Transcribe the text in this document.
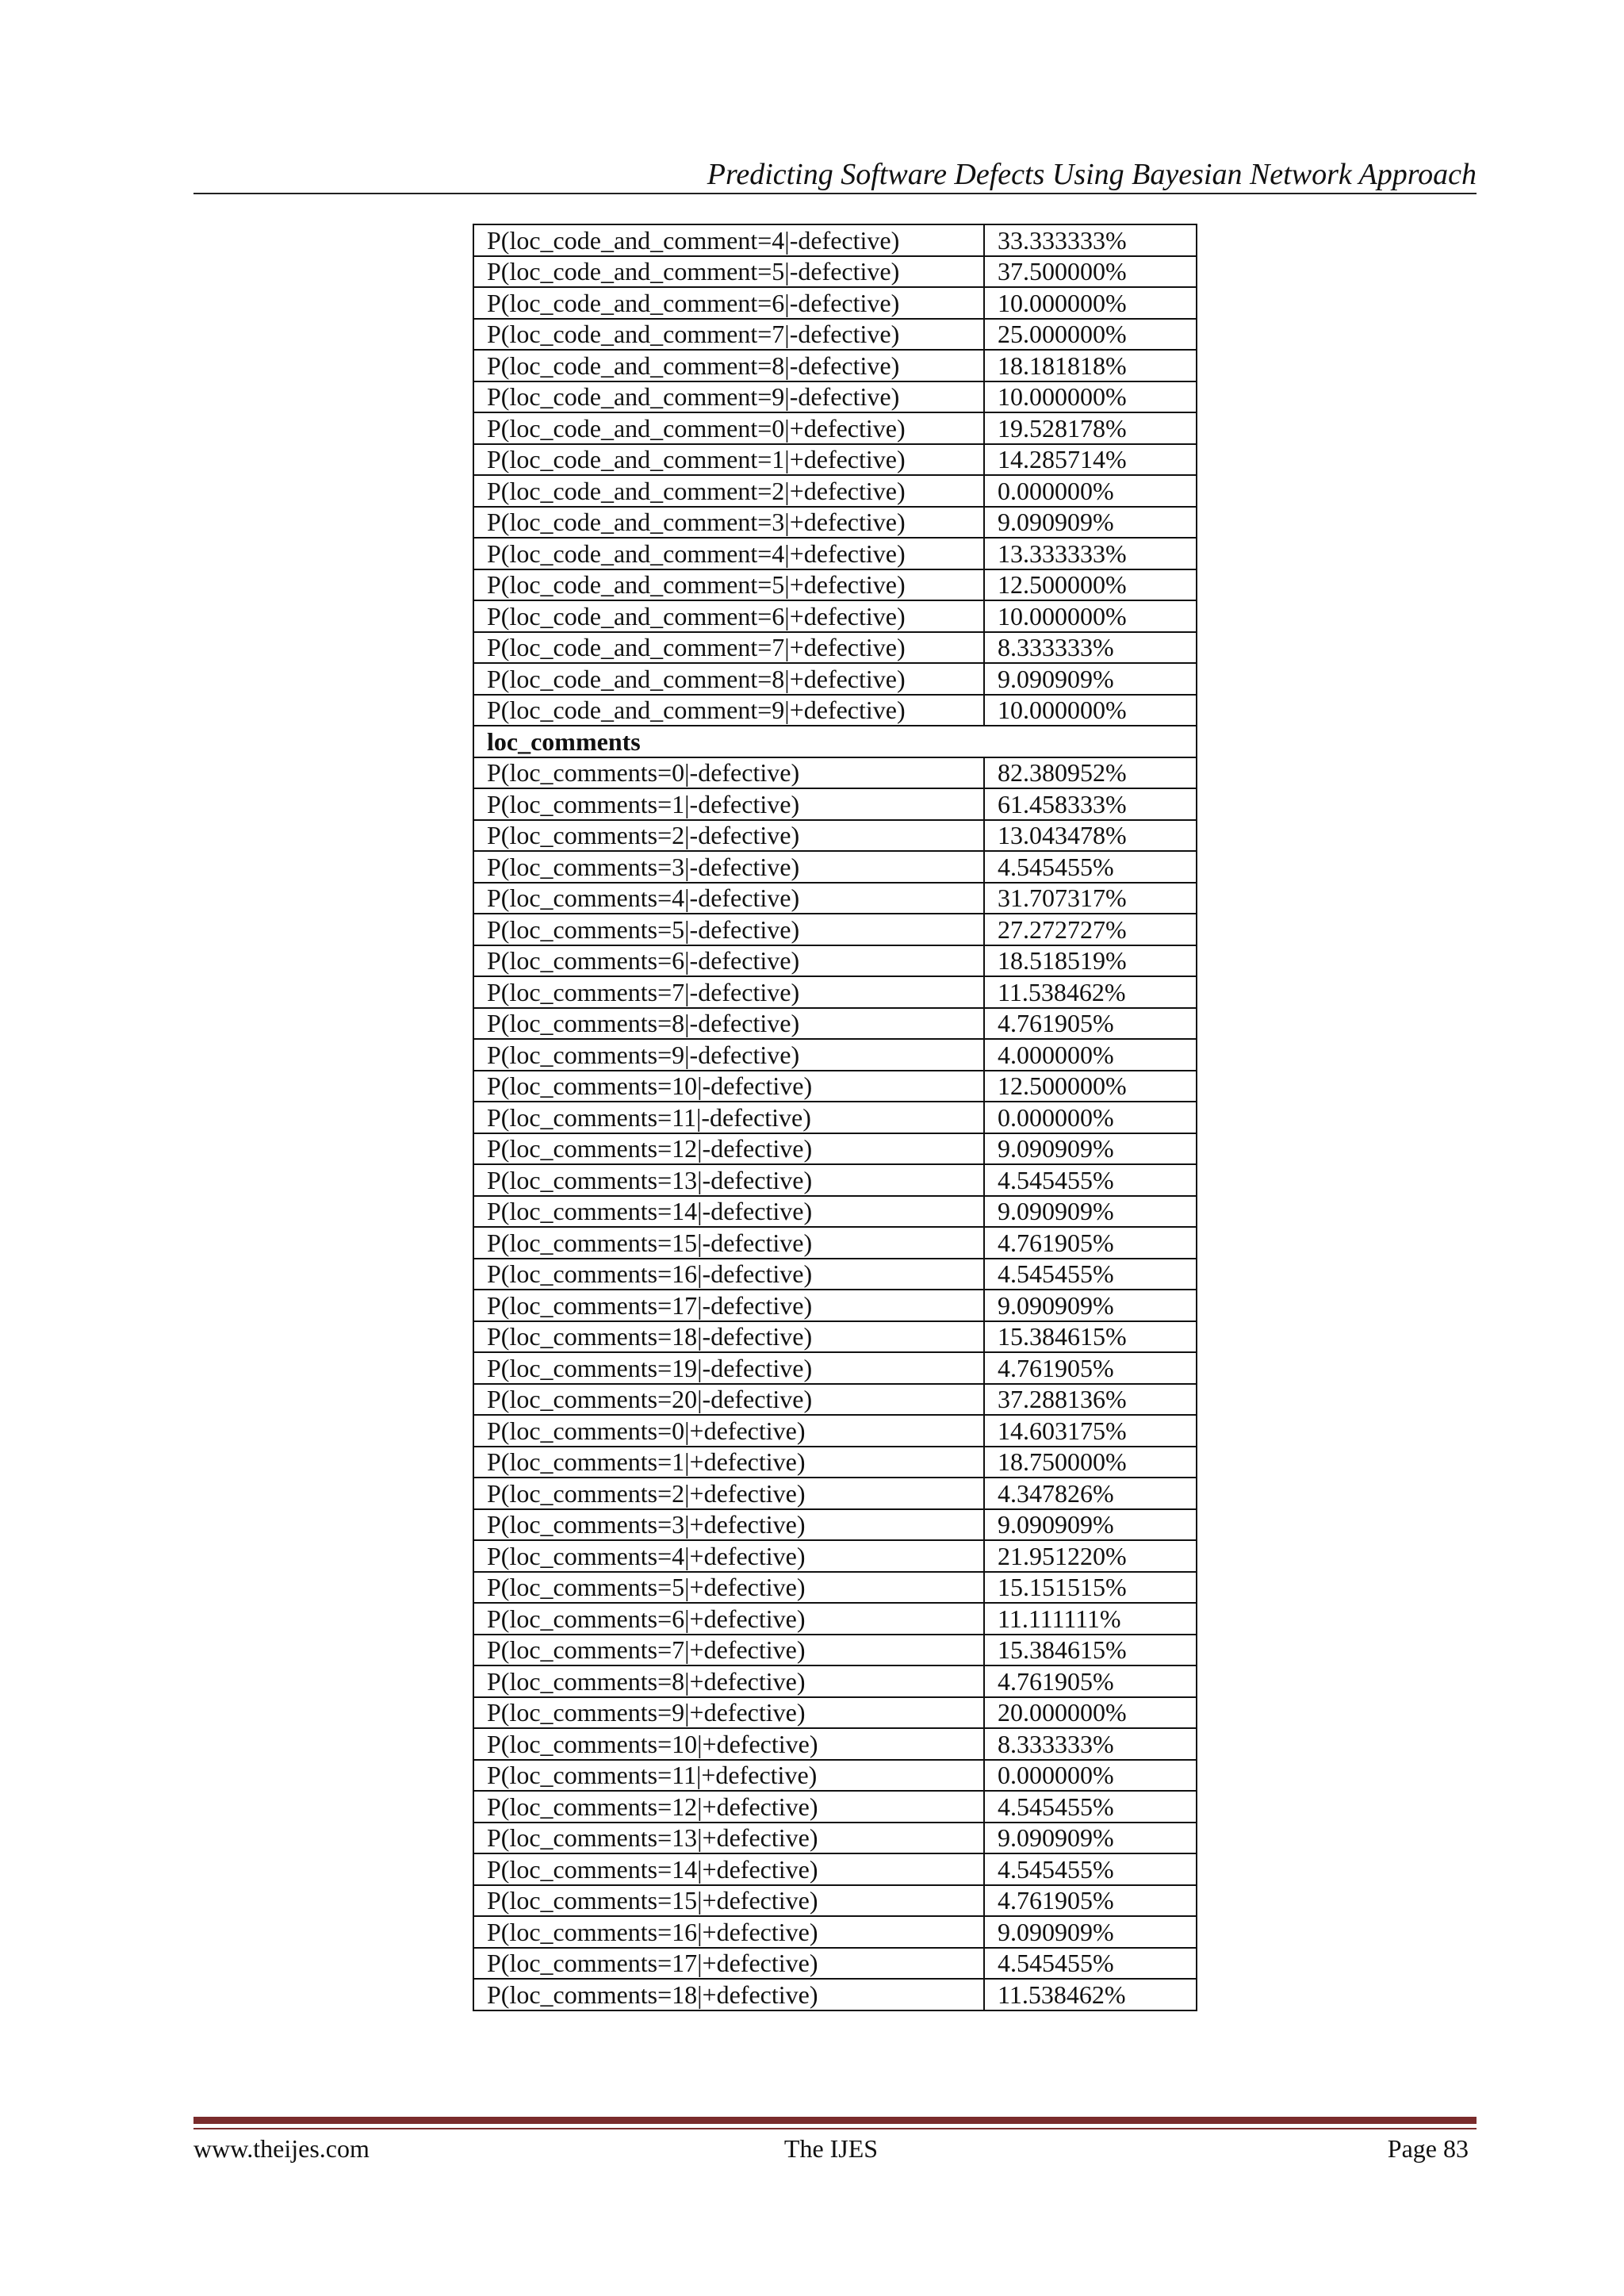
Predicting Software Defects Using Bayesian Network Approach
P(loc_code_and_comment=4|-defective)	33.333333%
P(loc_code_and_comment=5|-defective)	37.500000%
P(loc_code_and_comment=6|-defective)	10.000000%
P(loc_code_and_comment=7|-defective)	25.000000%
P(loc_code_and_comment=8|-defective)	18.181818%
P(loc_code_and_comment=9|-defective)	10.000000%
P(loc_code_and_comment=0|+defective)	19.528178%
P(loc_code_and_comment=1|+defective)	14.285714%
P(loc_code_and_comment=2|+defective)	0.000000%
P(loc_code_and_comment=3|+defective)	9.090909%
P(loc_code_and_comment=4|+defective)	13.333333%
P(loc_code_and_comment=5|+defective)	12.500000%
P(loc_code_and_comment=6|+defective)	10.000000%
P(loc_code_and_comment=7|+defective)	8.333333%
P(loc_code_and_comment=8|+defective)	9.090909%
P(loc_code_and_comment=9|+defective)	10.000000%
loc_comments	
P(loc_comments=0|-defective)	82.380952%
P(loc_comments=1|-defective)	61.458333%
P(loc_comments=2|-defective)	13.043478%
P(loc_comments=3|-defective)	4.545455%
P(loc_comments=4|-defective)	31.707317%
P(loc_comments=5|-defective)	27.272727%
P(loc_comments=6|-defective)	18.518519%
P(loc_comments=7|-defective)	11.538462%
P(loc_comments=8|-defective)	4.761905%
P(loc_comments=9|-defective)	4.000000%
P(loc_comments=10|-defective)	12.500000%
P(loc_comments=11|-defective)	0.000000%
P(loc_comments=12|-defective)	9.090909%
P(loc_comments=13|-defective)	4.545455%
P(loc_comments=14|-defective)	9.090909%
P(loc_comments=15|-defective)	4.761905%
P(loc_comments=16|-defective)	4.545455%
P(loc_comments=17|-defective)	9.090909%
P(loc_comments=18|-defective)	15.384615%
P(loc_comments=19|-defective)	4.761905%
P(loc_comments=20|-defective)	37.288136%
P(loc_comments=0|+defective)	14.603175%
P(loc_comments=1|+defective)	18.750000%
P(loc_comments=2|+defective)	4.347826%
P(loc_comments=3|+defective)	9.090909%
P(loc_comments=4|+defective)	21.951220%
P(loc_comments=5|+defective)	15.151515%
P(loc_comments=6|+defective)	11.111111%
P(loc_comments=7|+defective)	15.384615%
P(loc_comments=8|+defective)	4.761905%
P(loc_comments=9|+defective)	20.000000%
P(loc_comments=10|+defective)	8.333333%
P(loc_comments=11|+defective)	0.000000%
P(loc_comments=12|+defective)	4.545455%
P(loc_comments=13|+defective)	9.090909%
P(loc_comments=14|+defective)	4.545455%
P(loc_comments=15|+defective)	4.761905%
P(loc_comments=16|+defective)	9.090909%
P(loc_comments=17|+defective)	4.545455%
P(loc_comments=18|+defective)	11.538462%
www.theijes.com	The IJES	Page 83
